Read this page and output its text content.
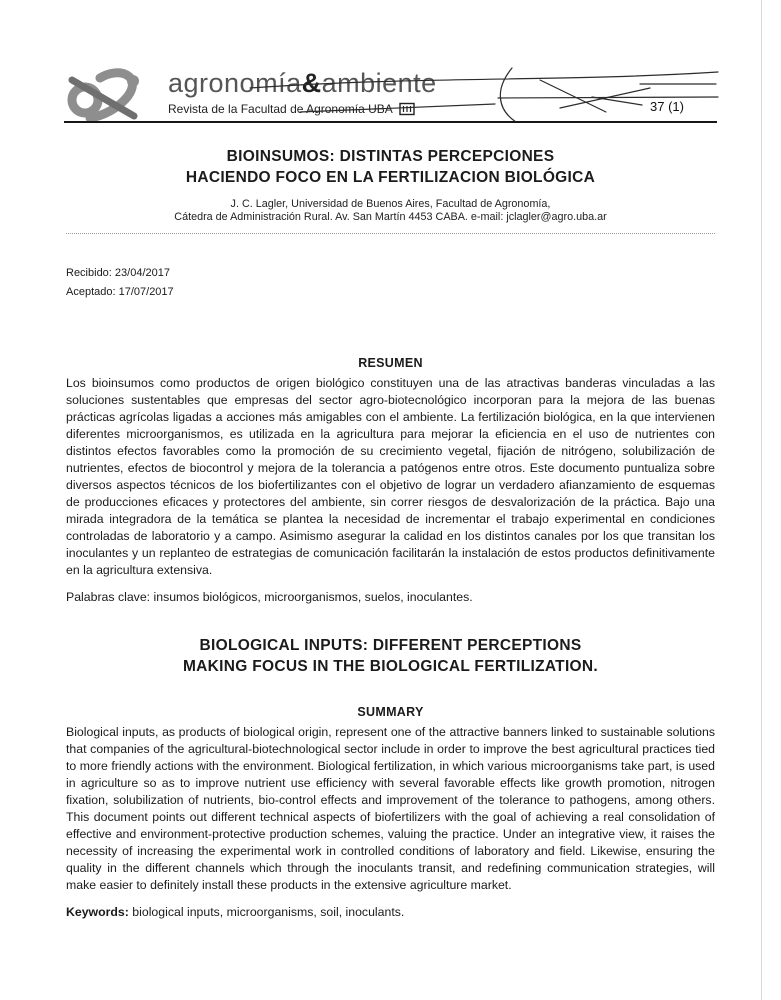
agronomía&ambiente
Revista de la Facultad de Agronomía UBA	37 (1)
BIOINSUMOS: DISTINTAS PERCEPCIONES
HACIENDO FOCO EN LA FERTILIZACION BIOLÓGICA
J. C. Lagler, Universidad de Buenos Aires, Facultad de Agronomía,
Cátedra de Administración Rural. Av. San Martín 4453 CABA. e-mail: jclagler@agro.uba.ar
Recibido: 23/04/2017
Aceptado: 17/07/2017
RESUMEN

Los bioinsumos como productos de origen biológico constituyen una de las atractivas banderas vinculadas a las soluciones sustentables que empresas del sector agro-biotecnológico incorporan para la mejora de las buenas prácticas agrícolas ligadas a acciones más amigables con el ambiente. La fertilización biológica, en la que intervienen diferentes microorganismos, es utilizada en la agricultura para mejorar la eficiencia en el uso de nutrientes con distintos efectos favorables como la promoción de su crecimiento vegetal, fijación de nitrógeno, solubilización de nutrientes, efectos de biocontrol y mejora de la tolerancia a patógenos entre otros. Este documento puntualiza sobre diversos aspectos técnicos de los biofertilizantes con el objetivo de lograr un verdadero afianzamiento de esquemas de producciones eficaces y protectores del ambiente, sin correr riesgos de desvalorización de la práctica. Bajo una mirada integradora de la temática se plantea la necesidad de incrementar el trabajo experimental en condiciones controladas de laboratorio y a campo. Asimismo asegurar la calidad en los distintos canales por los que transitan los inoculantes y un replanteo de estrategias de comunicación facilitarán la instalación de estos productos definitivamente en la agricultura extensiva.

Palabras clave: insumos biológicos, microorganismos, suelos, inoculantes.
BIOLOGICAL INPUTS: DIFFERENT PERCEPTIONS
MAKING FOCUS IN THE BIOLOGICAL FERTILIZATION.
SUMMARY

Biological inputs, as products of biological origin, represent one of the attractive banners linked to sustainable solutions that companies of the agricultural-biotechnological sector include in order to improve the best agricultural practices tied to more friendly actions with the environment. Biological fertilization, in which various microorganisms take part, is used in agriculture so as to improve nutrient use efficiency with several favorable effects like growth promotion, nitrogen fixation, solubilization of nutrients, bio-control effects and improvement of the tolerance to pathogens, among others. This document points out different technical aspects of biofertilizers with the goal of achieving a real consolidation of effective and environment-protective production schemes, valuing the practice. Under an integrative view, it raises the necessity of increasing the experimental work in controlled conditions of laboratory and field. Likewise, ensuring the quality in the different channels which through the inoculants transit, and redefining communication strategies, will make easier to definitely install these products in the extensive agriculture market.

Keywords: biological inputs, microorganisms, soil, inoculants.
